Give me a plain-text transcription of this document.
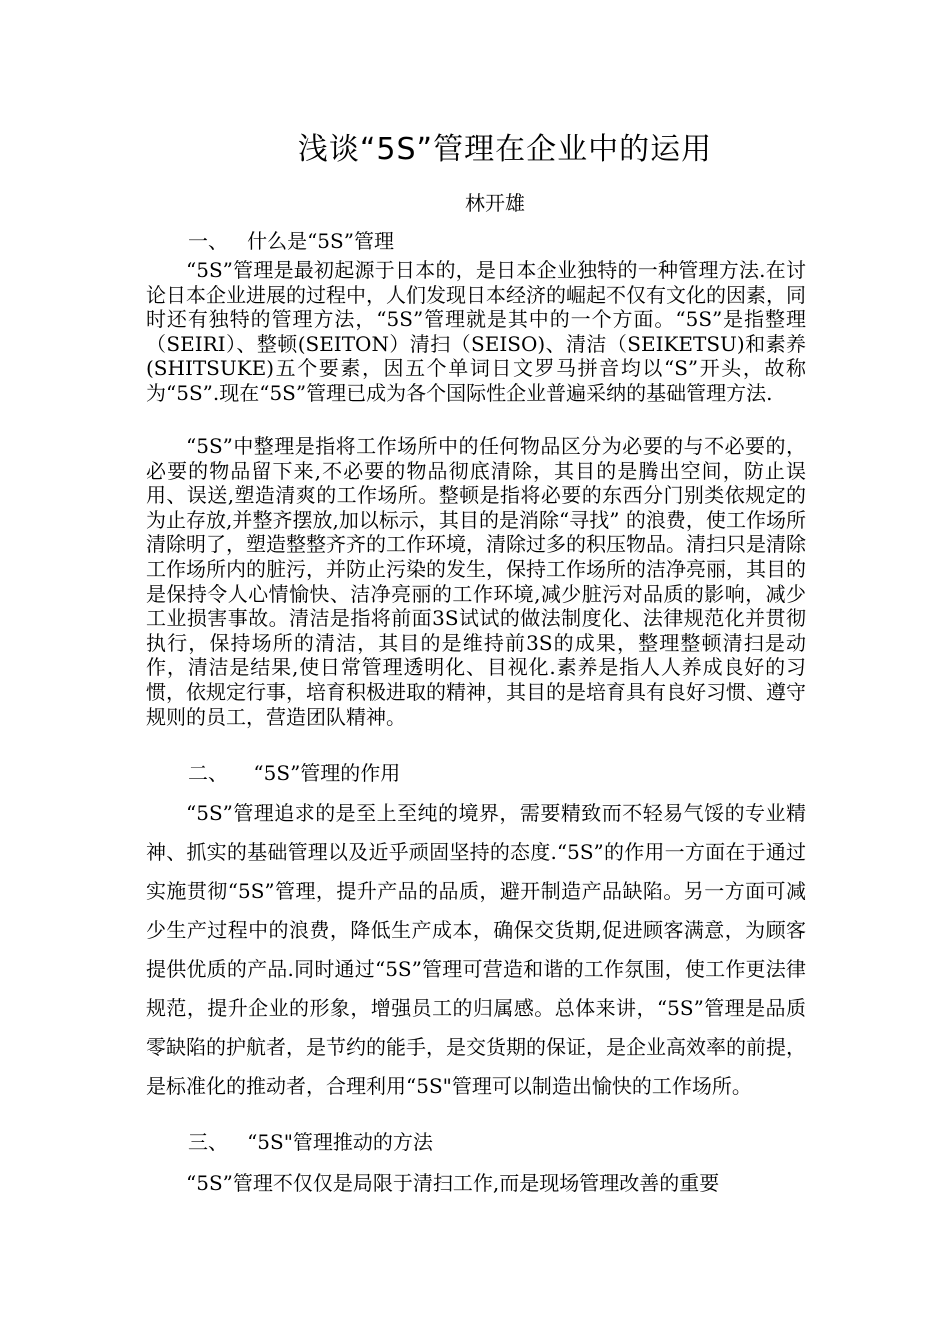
浅谈“5S”管理在企业中的运用
林开雄
一、   什么是“5S”管理
“5S”管理是最初起源于日本的，是日本企业独特的一种管理方法.在讨论日本企业进展的过程中，人们发现日本经济的崛起不仅有文化的因素，同时还有独特的管理方法，“5S”管理就是其中的一个方面。“5S”是指整理（SEIRI）、整顿(SEITON）清扫（SEISO)、清洁（SEIKETSU)和素养(SHITSUKE)五个要素，因五个单词日文罗马拼音均以“S”开头，故称为“5S”.现在“5S”管理已成为各个国际性企业普遍采纳的基础管理方法.
“5S”中整理是指将工作场所中的任何物品区分为必要的与不必要的，必要的物品留下来,不必要的物品彻底清除，其目的是腾出空间，防止误用、误送,塑造清爽的工作场所。整顿是指将必要的东西分门别类依规定的为止存放,并整齐摆放,加以标示，其目的是消除“寻找” 的浪费，使工作场所清除明了，塑造整整齐齐的工作环境，清除过多的积压物品。清扫只是清除工作场所内的脏污，并防止污染的发生，保持工作场所的洁净亮丽，其目的是保持令人心情愉快、洁净亮丽的工作环境,减少脏污对品质的影响，减少工业损害事故。清洁是指将前面3S试试的做法制度化、法律规范化并贯彻执行，保持场所的清洁，其目的是维持前3S的成果，整理整顿清扫是动作，清洁是结果,使日常管理透明化、目视化.素养是指人人养成良好的习惯，依规定行事，培育积极进取的精神，其目的是培育具有良好习惯、遵守规则的员工，营造团队精神。
二、    “5S”管理的作用
“5S”管理追求的是至上至纯的境界，需要精致而不轻易气馁的专业精神、抓实的基础管理以及近乎顽固坚持的态度.“5S”的作用一方面在于通过实施贯彻“5S”管理，提升产品的品质，避开制造产品缺陷。另一方面可减少生产过程中的浪费，降低生产成本，确保交货期,促进顾客满意，为顾客提供优质的产品.同时通过“5S”管理可营造和谐的工作氛围，使工作更法律规范，提升企业的形象，增强员工的归属感。总体来讲，“5S”管理是品质零缺陷的护航者，是节约的能手，是交货期的保证，是企业高效率的前提，是标准化的推动者，合理利用“5S"管理可以制造出愉快的工作场所。
三、   “5S"管理推动的方法
“5S”管理不仅仅是局限于清扫工作,而是现场管理改善的重要
